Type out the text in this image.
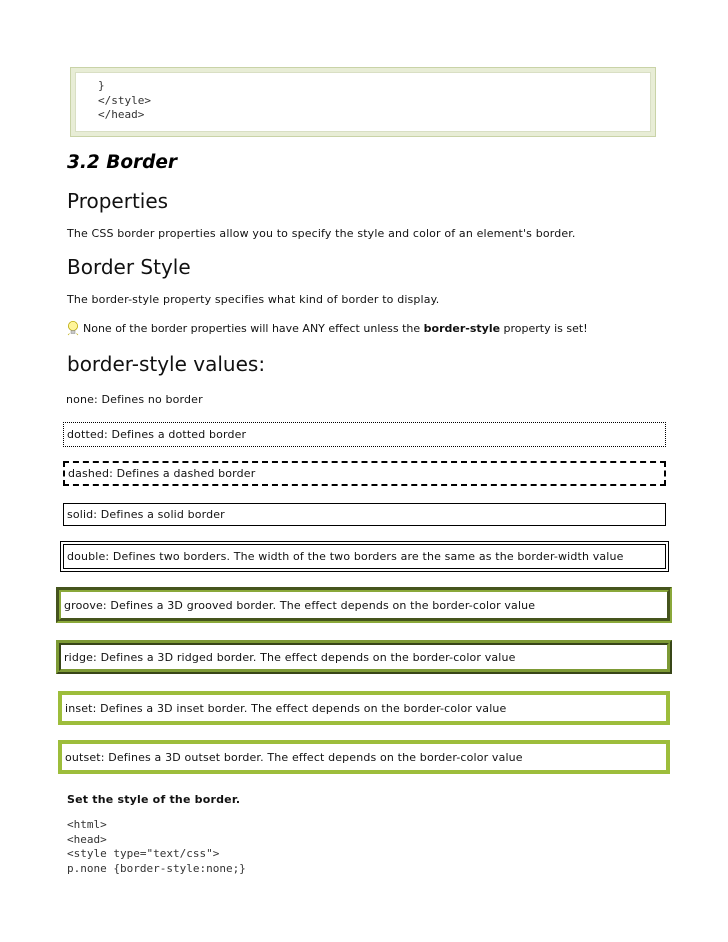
}
</style>
</head>
3.2 Border
Properties

The CSS border properties allow you to specify the style and color of an element's border.

Border Style

The border-style property specifies what kind of border to display.

None of the border properties will have ANY effect unless the border-style property is set!
border-style values:
none: Defines no border
dotted: Defines a dotted border
dashed: Defines a dashed border
solid: Defines a solid border
double: Defines two borders. The width of the two borders are the same as the border-width value
groove: Defines a 3D grooved border. The effect depends on the border-color value
ridge: Defines a 3D ridged border. The effect depends on the border-color value
inset: Defines a 3D inset border. The effect depends on the border-color value
outset: Defines a 3D outset border. The effect depends on the border-color value
Set the style of the border.
<html>
<head>
<style type="text/css">
p.none {border-style:none;}
